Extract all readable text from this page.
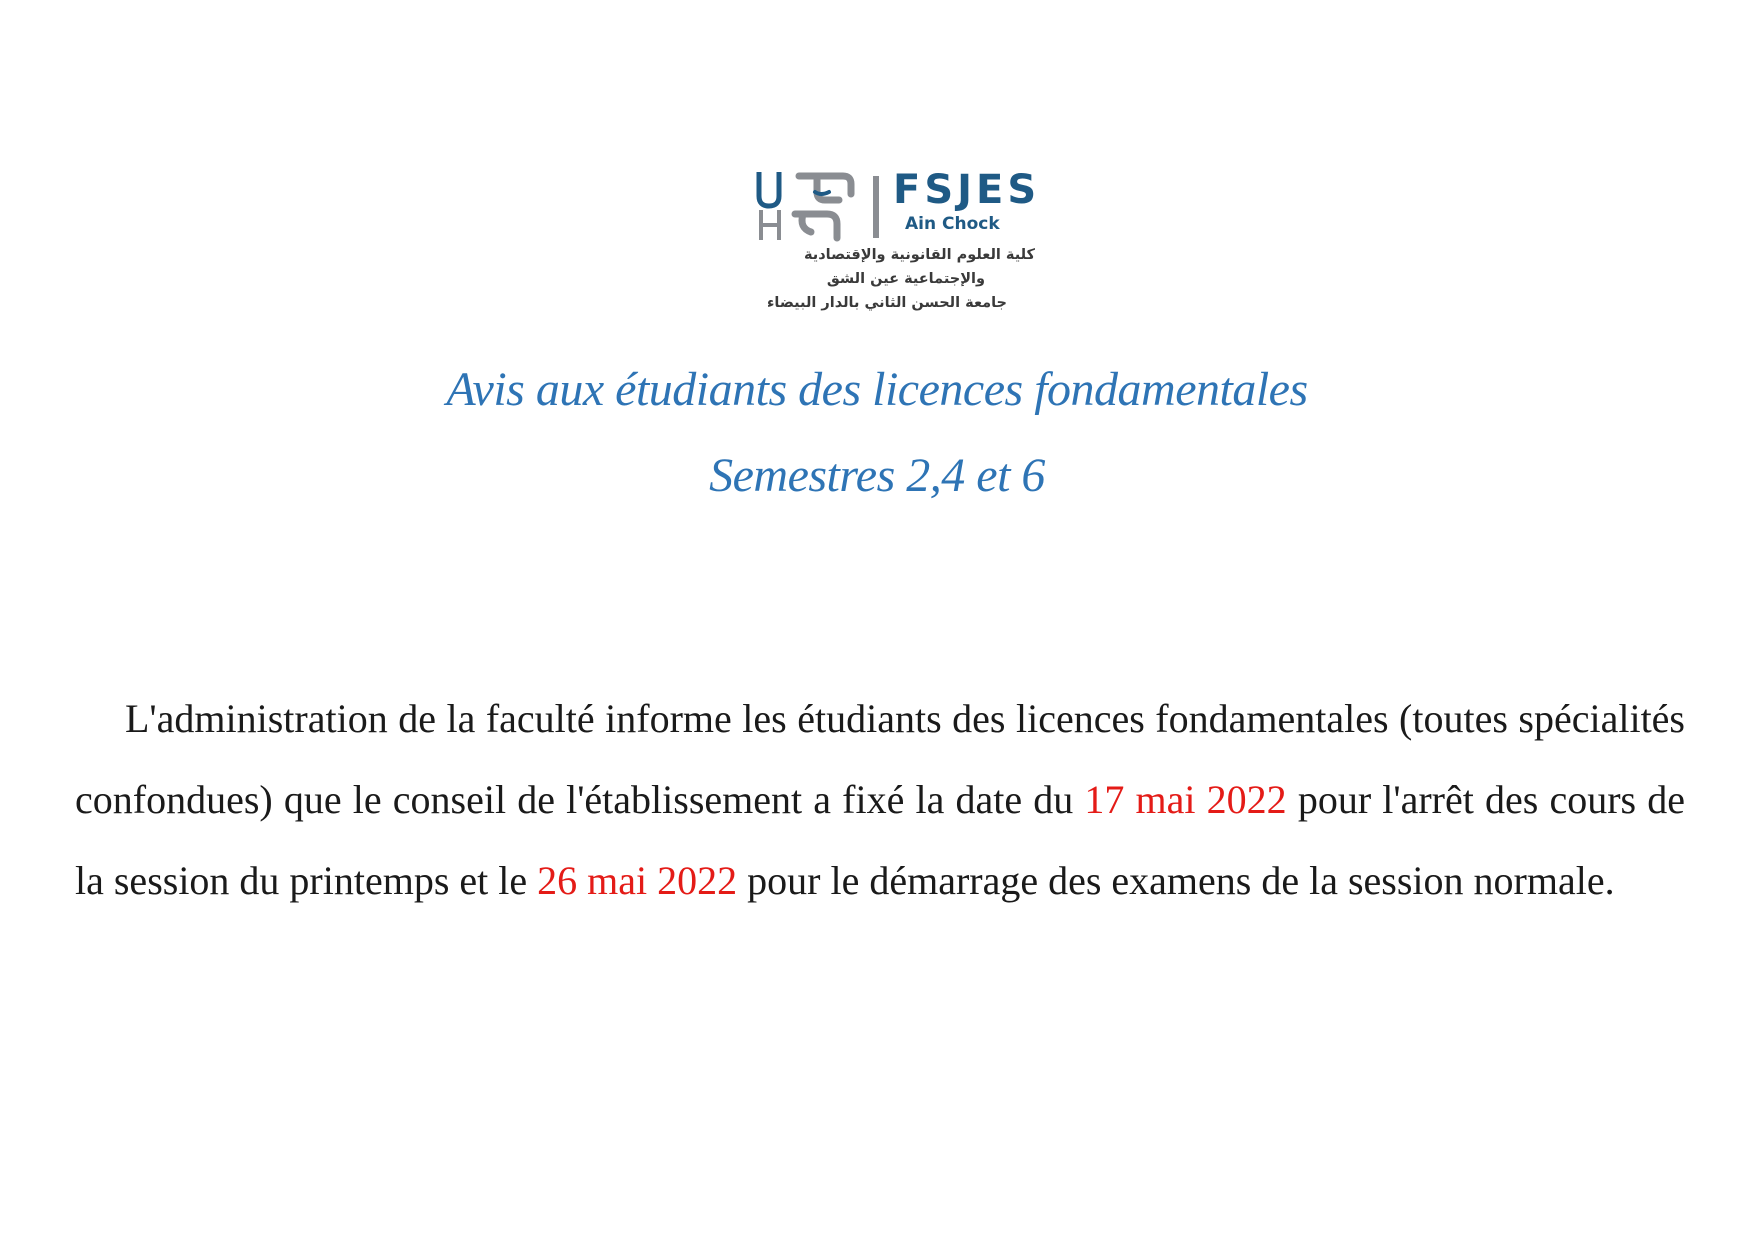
FSJES
Ain Chock
كلية العلوم القانونية والإقتصادية
والإجتماعية عين الشق
جامعة الحسن الثاني بالدار البيضاء
Avis aux étudiants des licences fondamentales
Semestres 2,4 et 6

L'administration de la faculté informe les étudiants des licences fondamentales (toutes spécialités confondues) que le conseil de l'établissement a fixé la date du 17 mai 2022 pour l'arrêt des cours de la session du printemps et le 26 mai 2022 pour le démarrage des examens de la session normale.
